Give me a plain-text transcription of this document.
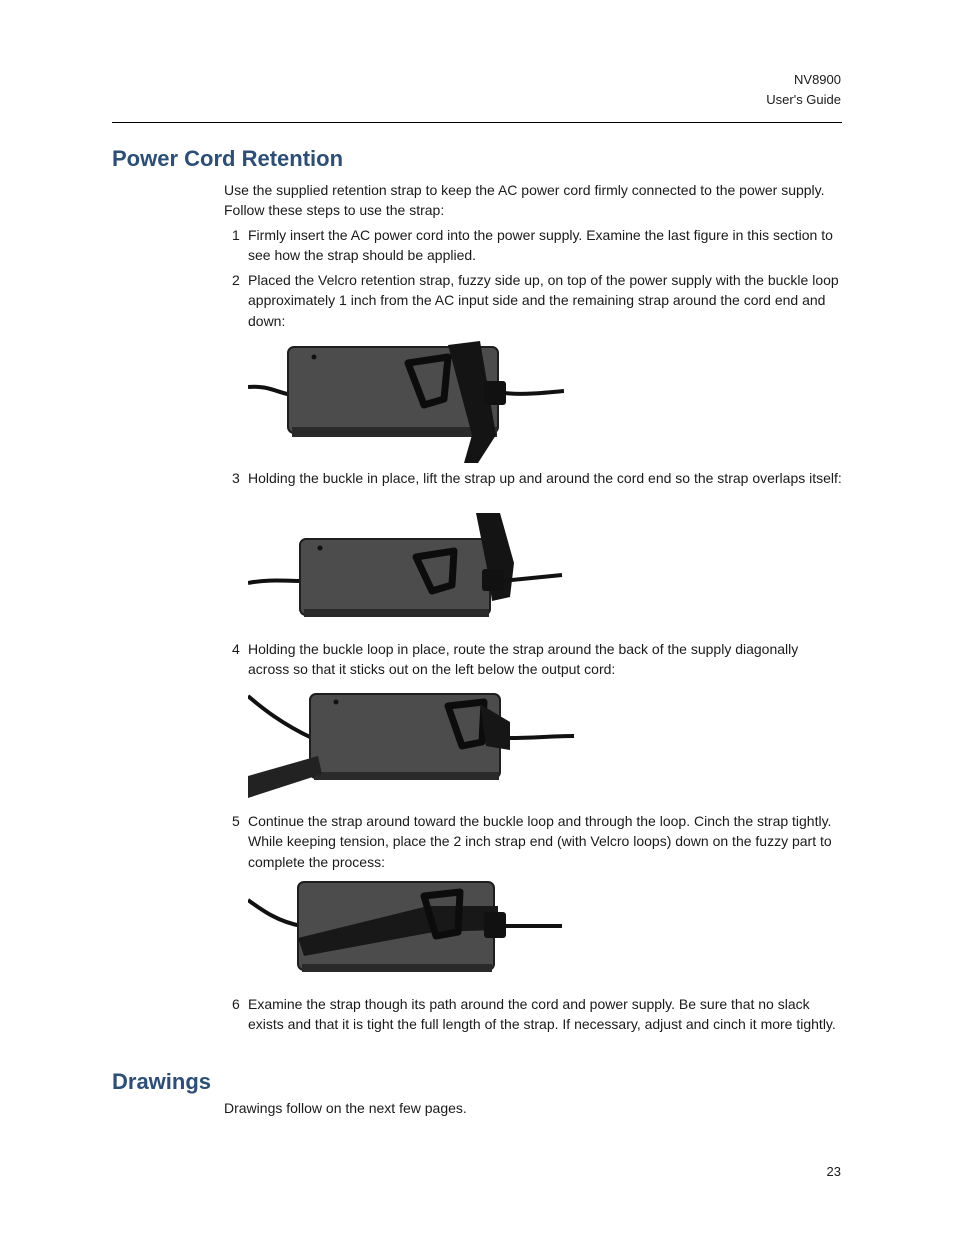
NV8900
User's Guide
Power Cord Retention

Use the supplied retention strap to keep the AC power cord firmly connected to the power supply. Follow these steps to use the strap:

1 Firmly insert the AC power cord into the power supply. Examine the last figure in this section to see how the strap should be applied.
2 Placed the Velcro retention strap, fuzzy side up, on top of the power supply with the buckle loop approximately 1 inch from the AC input side and the remaining strap around the cord end and down:
3 Holding the buckle in place, lift the strap up and around the cord end so the strap overlaps itself:
4 Holding the buckle loop in place, route the strap around the back of the supply diagonally across so that it sticks out on the left below the output cord:
5 Continue the strap around toward the buckle loop and through the loop. Cinch the strap tightly. While keeping tension, place the 2 inch strap end (with Velcro loops) down on the fuzzy part to complete the process:
6 Examine the strap though its path around the cord and power supply. Be sure that no slack exists and that it is tight the full length of the strap. If necessary, adjust and cinch it more tightly.
Drawings

Drawings follow on the next few pages.

23
